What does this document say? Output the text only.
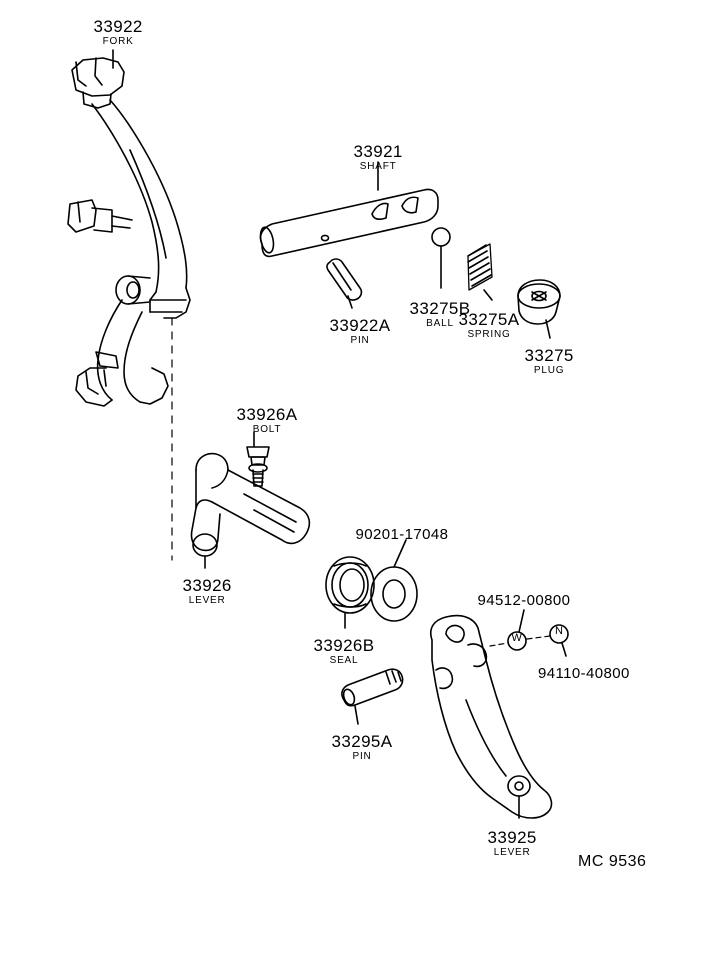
33922
FORK
33921
SHAFT
33922A
PIN
33275B
BALL 33275A
SPRING
33275
PLUG
33926A
BOLT
33926
LEVER
33926B
SEAL
33295A
PIN
33925
LEVER
90201-17048
94512-00800
94110-40800
W
N
MC 9536
